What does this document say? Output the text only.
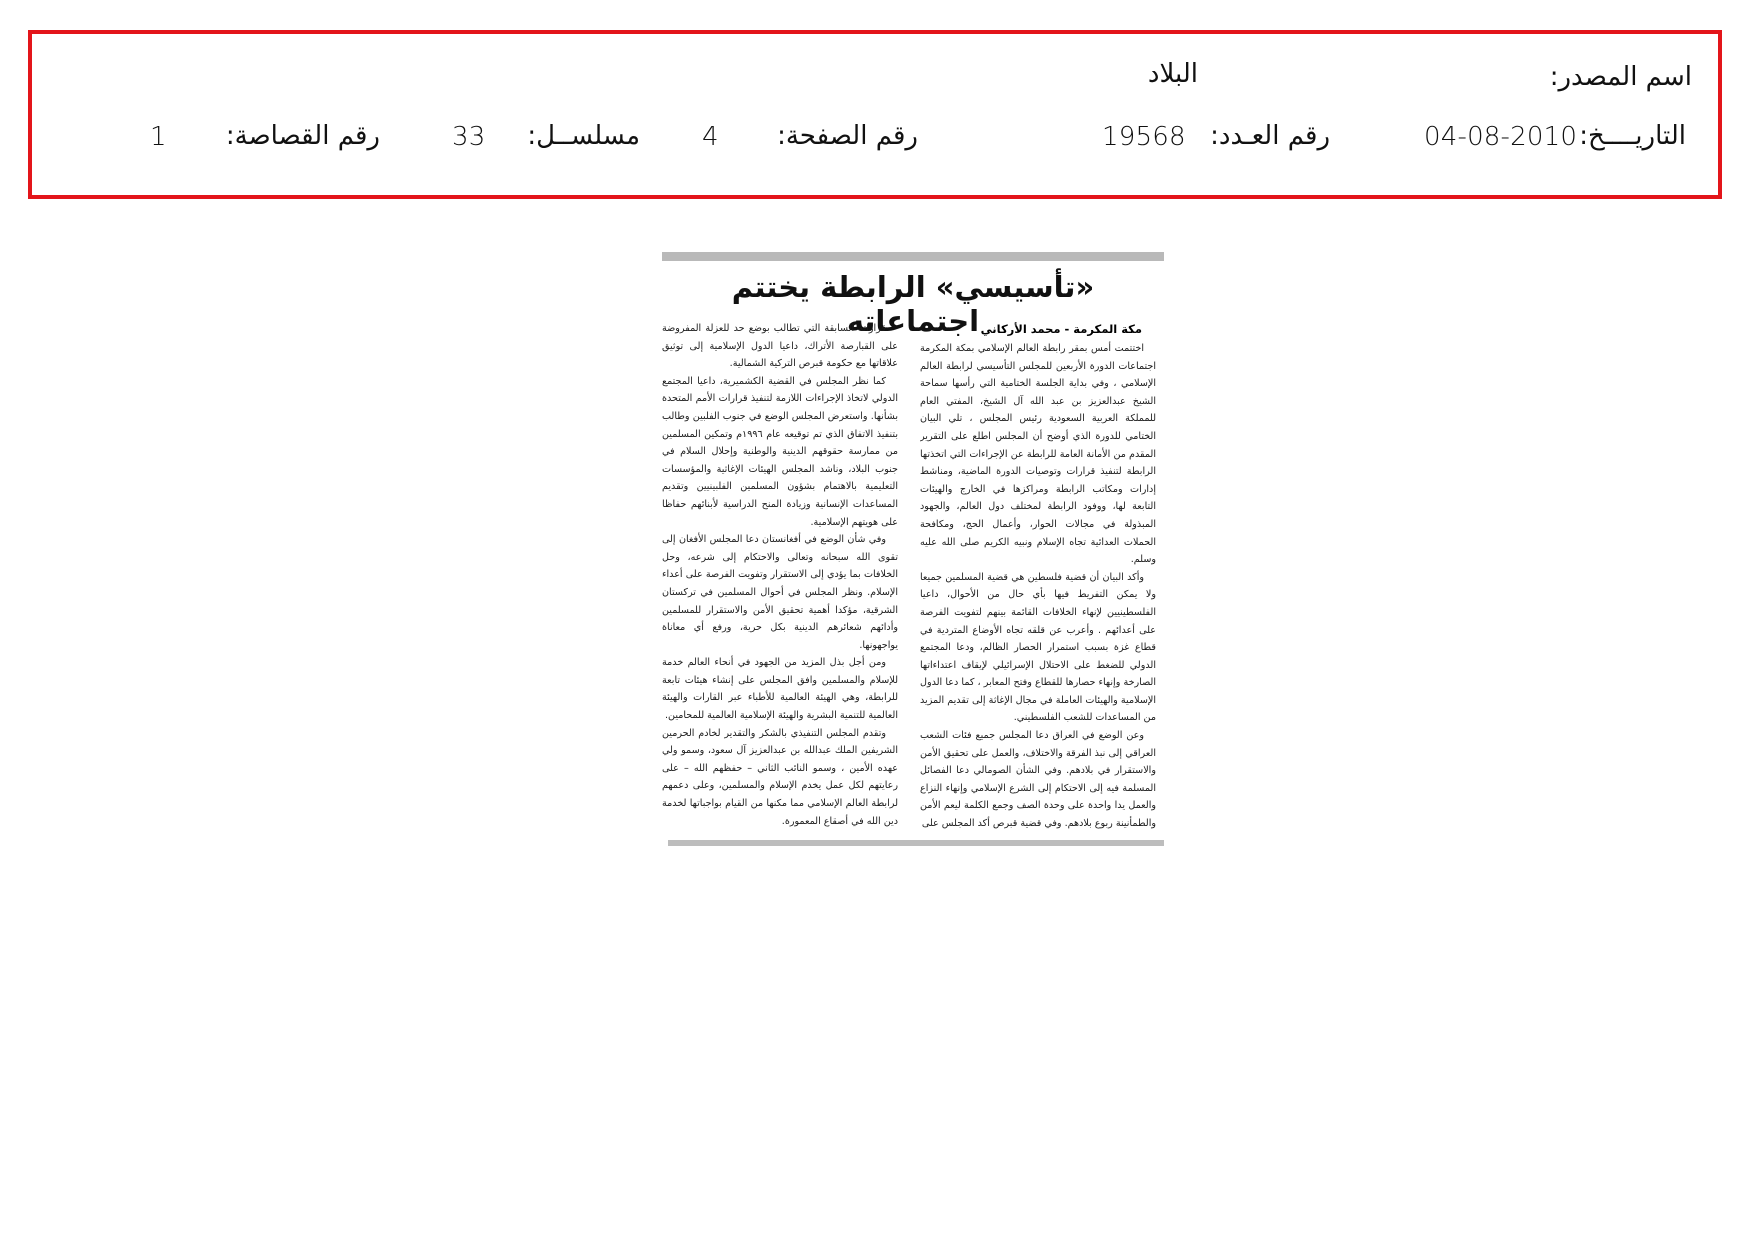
اسم المصدر:
البلاد
التاريــــخ:
04-08-2010
رقم العـدد:
19568
رقم الصفحة:
4
مسلســل:
33
رقم القصاصة:
1
«تأسيسي» الرابطة يختتم اجتماعاته مكة المكرمة - محمد الأركاني

اختتمت أمس بمقر رابطة العالم الإسلامي بمكة المكرمة اجتماعات الدورة الأربعين للمجلس التأسيسي لرابطة العالم الإسلامي ، وفي بداية الجلسة الختامية التي رأسها سماحة الشيخ عبدالعزيز بن عبد الله آل الشيخ، المفتي العام للمملكة العربية السعودية رئيس المجلس ، تلي البيان الختامي للدورة الذي أوضح أن المجلس اطلع على التقرير المقدم من الأمانة العامة للرابطة عن الإجراءات التي اتخذتها الرابطة لتنفيذ قرارات وتوصيات الدورة الماضية، ومناشط إدارات ومكاتب الرابطة ومراكزها في الخارج والهيئات التابعة لها، ووفود الرابطة لمختلف دول العالم، والجهود المبذولة في مجالات الحوار، وأعمال الحج، ومكافحة الحملات العدائية تجاه الإسلام ونبيه الكريم صلى الله عليه وسلم.

وأكد البيان أن قضية فلسطين هي قضية المسلمين جميعا ولا يمكن التفريط فيها بأي حال من الأحوال، داعيا الفلسطينيين لإنهاء الخلافات القائمة بينهم لتفويت الفرصة على أعدائهم . وأعرب عن قلقه تجاه الأوضاع المتردية في قطاع غزة بسبب استمرار الحصار الظالم، ودعا المجتمع الدولي للضغط على الاحتلال الإسرائيلي لإيقاف اعتداءاتها الصارخة وإنهاء حصارها للقطاع وفتح المعابر ، كما دعا الدول الإسلامية والهيئات العاملة في مجال الإغاثة إلى تقديم المزيد من المساعدات للشعب الفلسطيني.

وعن الوضع في العراق دعا المجلس جميع فئات الشعب العراقي إلى نبذ الفرقة والاختلاف، والعمل على تحقيق الأمن والاستقرار في بلادهم. وفي الشأن الصومالي دعا الفصائل المسلمة فيه إلى الاحتكام إلى الشرع الإسلامي وإنهاء النزاع والعمل يدا واحدة على وحدة الصف وجمع الكلمة ليعم الأمن والطمأنينة ربوع بلادهم. وفي قضية قبرص أكد المجلس على

قراراته السابقة التي تطالب بوضع حد للعزلة المفروضة على القبارصة الأتراك، داعيا الدول الإسلامية إلى توثيق علاقاتها مع حكومة قبرص التركية الشمالية.

كما نظر المجلس في القضية الكشميرية، داعيا المجتمع الدولي لاتخاذ الإجراءات اللازمة لتنفيذ قرارات الأمم المتحدة بشأنها. واستعرض المجلس الوضع في جنوب الفلبين وطالب بتنفيذ الاتفاق الذي تم توقيعه عام ١٩٩٦م وتمكين المسلمين من ممارسة حقوقهم الدينية والوطنية وإحلال السلام في جنوب البلاد، وناشد المجلس الهيئات الإغاثية والمؤسسات التعليمية بالاهتمام بشؤون المسلمين الفلبينيين وتقديم المساعدات الإنسانية وزيادة المنح الدراسية لأبنائهم حفاظا على هويتهم الإسلامية.

وفي شأن الوضع في أفغانستان دعا المجلس الأفغان إلى تقوى الله سبحانه وتعالى والاحتكام إلى شرعه، وحل الخلافات بما يؤدي إلى الاستقرار وتفويت الفرصة على أعداء الإسلام. ونظر المجلس في أحوال المسلمين في تركستان الشرقية، مؤكدا أهمية تحقيق الأمن والاستقرار للمسلمين وأدائهم شعائرهم الدينية بكل حرية، ورفع أي معاناة يواجهونها.

ومن أجل بذل المزيد من الجهود في أنحاء العالم خدمة للإسلام والمسلمين وافق المجلس على إنشاء هيئات تابعة للرابطة، وهي الهيئة العالمية للأطباء عبر القارات والهيئة العالمية للتنمية البشرية والهيئة الإسلامية العالمية للمحامين.

وتقدم المجلس التنفيذي بالشكر والتقدير لخادم الحرمين الشريفين الملك عبدالله بن عبدالعزيز آل سعود، وسمو ولي عهده الأمين ، وسمو النائب الثاني – حفظهم الله – على رعايتهم لكل عمل يخدم الإسلام والمسلمين، وعلى دعمهم لرابطة العالم الإسلامي مما مكنها من القيام بواجباتها لخدمة دين الله في أصقاع المعمورة.
